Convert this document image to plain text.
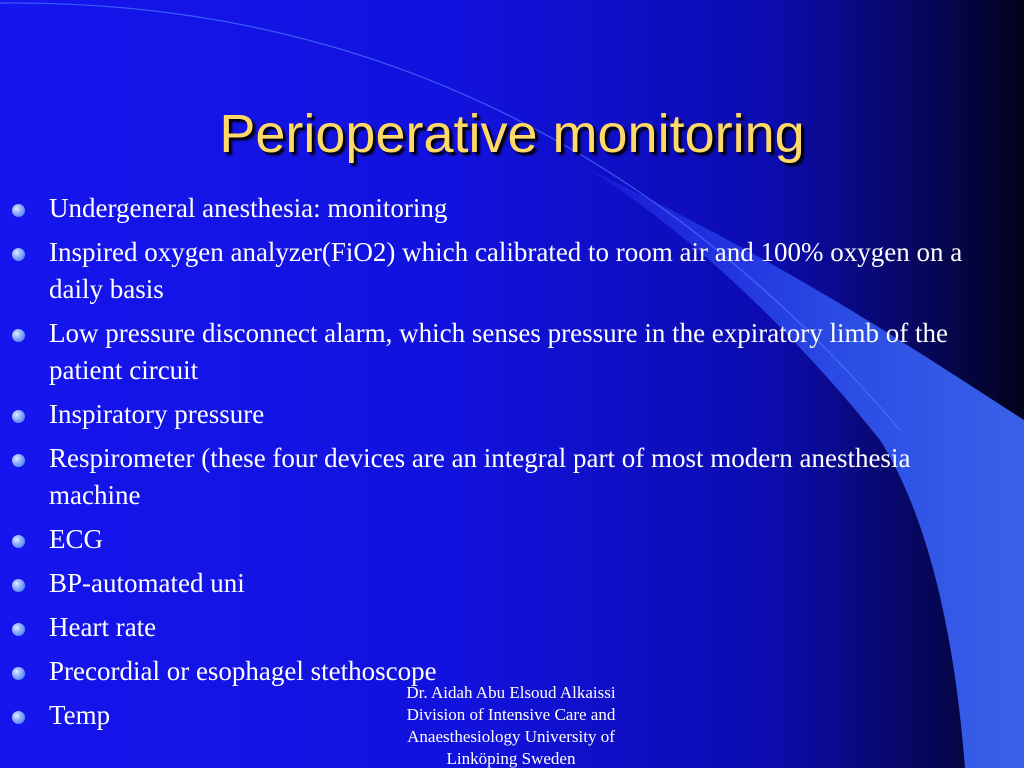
Perioperative monitoring
Undergeneral anesthesia: monitoring
Inspired oxygen analyzer(FiO2) which calibrated to room air and 100% oxygen on a daily basis
Low pressure disconnect alarm, which senses pressure in the expiratory limb of the patient circuit
Inspiratory pressure
Respirometer (these four devices are an integral part of most modern anesthesia machine
ECG
BP-automated uni
Heart rate
Precordial or esophagel stethoscope
Temp
Dr. Aidah Abu Elsoud Alkaissi
Division of Intensive Care and
Anaesthesiology University of
Linköping Sweden
